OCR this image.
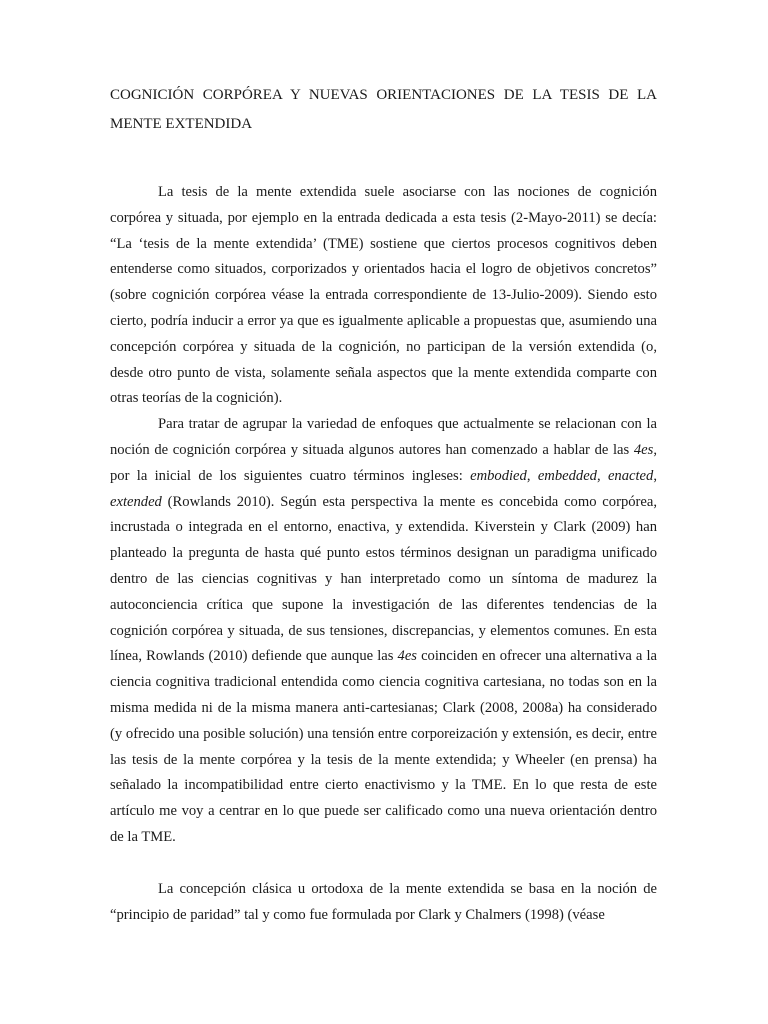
COGNICIÓN CORPÓREA Y NUEVAS ORIENTACIONES DE LA TESIS DE LA MENTE EXTENDIDA

La tesis de la mente extendida suele asociarse con las nociones de cognición corpórea y situada, por ejemplo en la entrada dedicada a esta tesis (2-Mayo-2011) se decía: “La ‘tesis de la mente extendida’ (TME) sostiene que ciertos procesos cognitivos deben entenderse como situados, corporizados y orientados hacia el logro de objetivos concretos” (sobre cognición corpórea véase la entrada correspondiente de 13-Julio-2009). Siendo esto cierto, podría inducir a error ya que es igualmente aplicable a propuestas que, asumiendo una concepción corpórea y situada de la cognición, no participan de la versión extendida (o, desde otro punto de vista, solamente señala aspectos que la mente extendida comparte con otras teorías de la cognición).

Para tratar de agrupar la variedad de enfoques que actualmente se relacionan con la noción de cognición corpórea y situada algunos autores han comenzado a hablar de las 4es, por la inicial de los siguientes cuatro términos ingleses: embodied, embedded, enacted, extended (Rowlands 2010). Según esta perspectiva la mente es concebida como corpórea, incrustada o integrada en el entorno, enactiva, y extendida. Kiverstein y Clark (2009) han planteado la pregunta de hasta qué punto estos términos designan un paradigma unificado dentro de las ciencias cognitivas y han interpretado como un síntoma de madurez la autoconciencia crítica que supone la investigación de las diferentes tendencias de la cognición corpórea y situada, de sus tensiones, discrepancias, y elementos comunes. En esta línea, Rowlands (2010) defiende que aunque las 4es coinciden en ofrecer una alternativa a la ciencia cognitiva tradicional entendida como ciencia cognitiva cartesiana, no todas son en la misma medida ni de la misma manera anti-cartesianas; Clark (2008, 2008a) ha considerado (y ofrecido una posible solución) una tensión entre corporeización y extensión, es decir, entre las tesis de la mente corpórea y la tesis de la mente extendida; y Wheeler (en prensa) ha señalado la incompatibilidad entre cierto enactivismo y la TME. En lo que resta de este artículo me voy a centrar en lo que puede ser calificado como una nueva orientación dentro de la TME.

La concepción clásica u ortodoxa de la mente extendida se basa en la noción de “principio de paridad” tal y como fue formulada por Clark y Chalmers (1998) (véase
